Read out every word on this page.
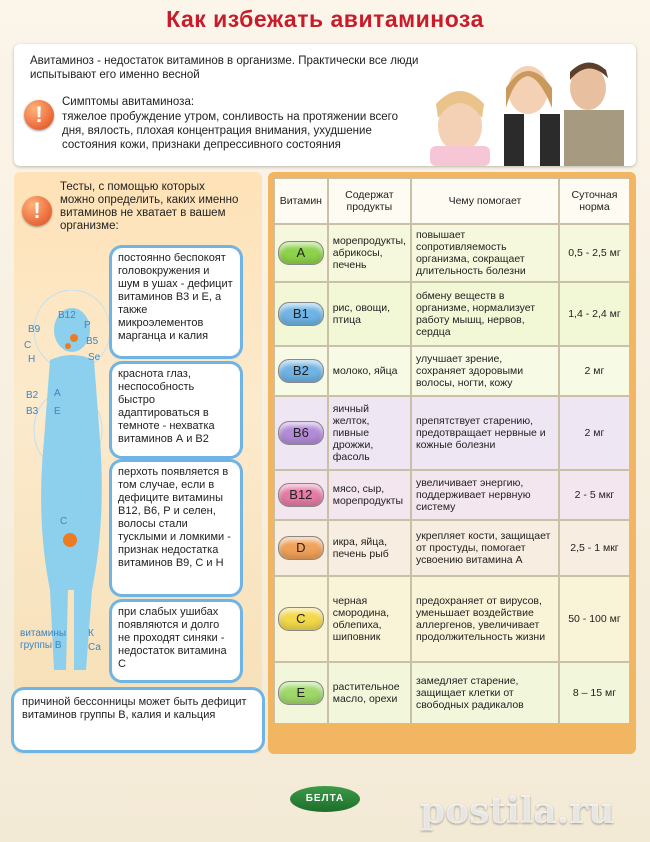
Как избежать авитаминоза
Авитаминоз - недостаток витаминов в организме. Практически все люди испытывают его именно весной
!	Симптомы авитаминоза:
тяжелое пробуждение утром, сонливость на протяжении всего дня, вялость, плохая концентрация внимания, ухудшение состояния кожи, признаки депрессивного состояния
!
Тесты, с помощью которых можно определить, каких именно витаминов не хватает в вашем организме:
В12
В9	Р
С
Н	Se
В5
В2 А
В3 Е
С
витамины группы В
К
Са
постоянно беспокоят головокружения и шум в ушах - дефицит витаминов В3 и Е, а также микроэлементов марганца и калия
краснота глаз, неспособность быстро адаптироваться в темноте - нехватка витаминов А и В2
перхоть появляется в том случае, если в дефиците витамины В12, В6, Р и селен, волосы стали тусклыми и ломкими - признак недостатка витаминов В9, С и Н
при слабых ушибах появляются и долго не проходят синяки - недостаток витамина С
причиной бессонницы может быть дефицит витаминов группы В, калия и кальция
Витамин	Содержат продукты	Чему помогает	Суточная норма
А	морепродукты, абрикосы, печень	повышает сопротивляемость организма, сокращает длительность болезни	0,5 - 2,5 мг
В1	рис, овощи, птица	обмену веществ в организме, нормализует работу мышц, нервов, сердца	1,4 - 2,4 мг
В2	молоко, яйца	улучшает зрение, сохраняет здоровыми волосы, ногти, кожу	2 мг
В6	яичный желток, пивные дрожжи, фасоль	препятствует старению, предотвращает нервные и кожные болезни	2 мг
В12	мясо, сыр, морепродукты	увеличивает энергию, поддерживает нервную систему	2 - 5 мкг
D	икра, яйца, печень рыб	укрепляет кости, защищает от простуды, помогает усвоению витамина А	2,5 - 1 мкг
С	черная смородина, облепиха, шиповник	предохраняет от вирусов, уменьшает воздействие аллергенов, увеличивает продолжительность жизни	50 - 100 мг
Е	растительное масло, орехи	замедляет старение, защищает клетки от свободных радикалов	8 – 15 мг
БЕЛТА	postila.ru
